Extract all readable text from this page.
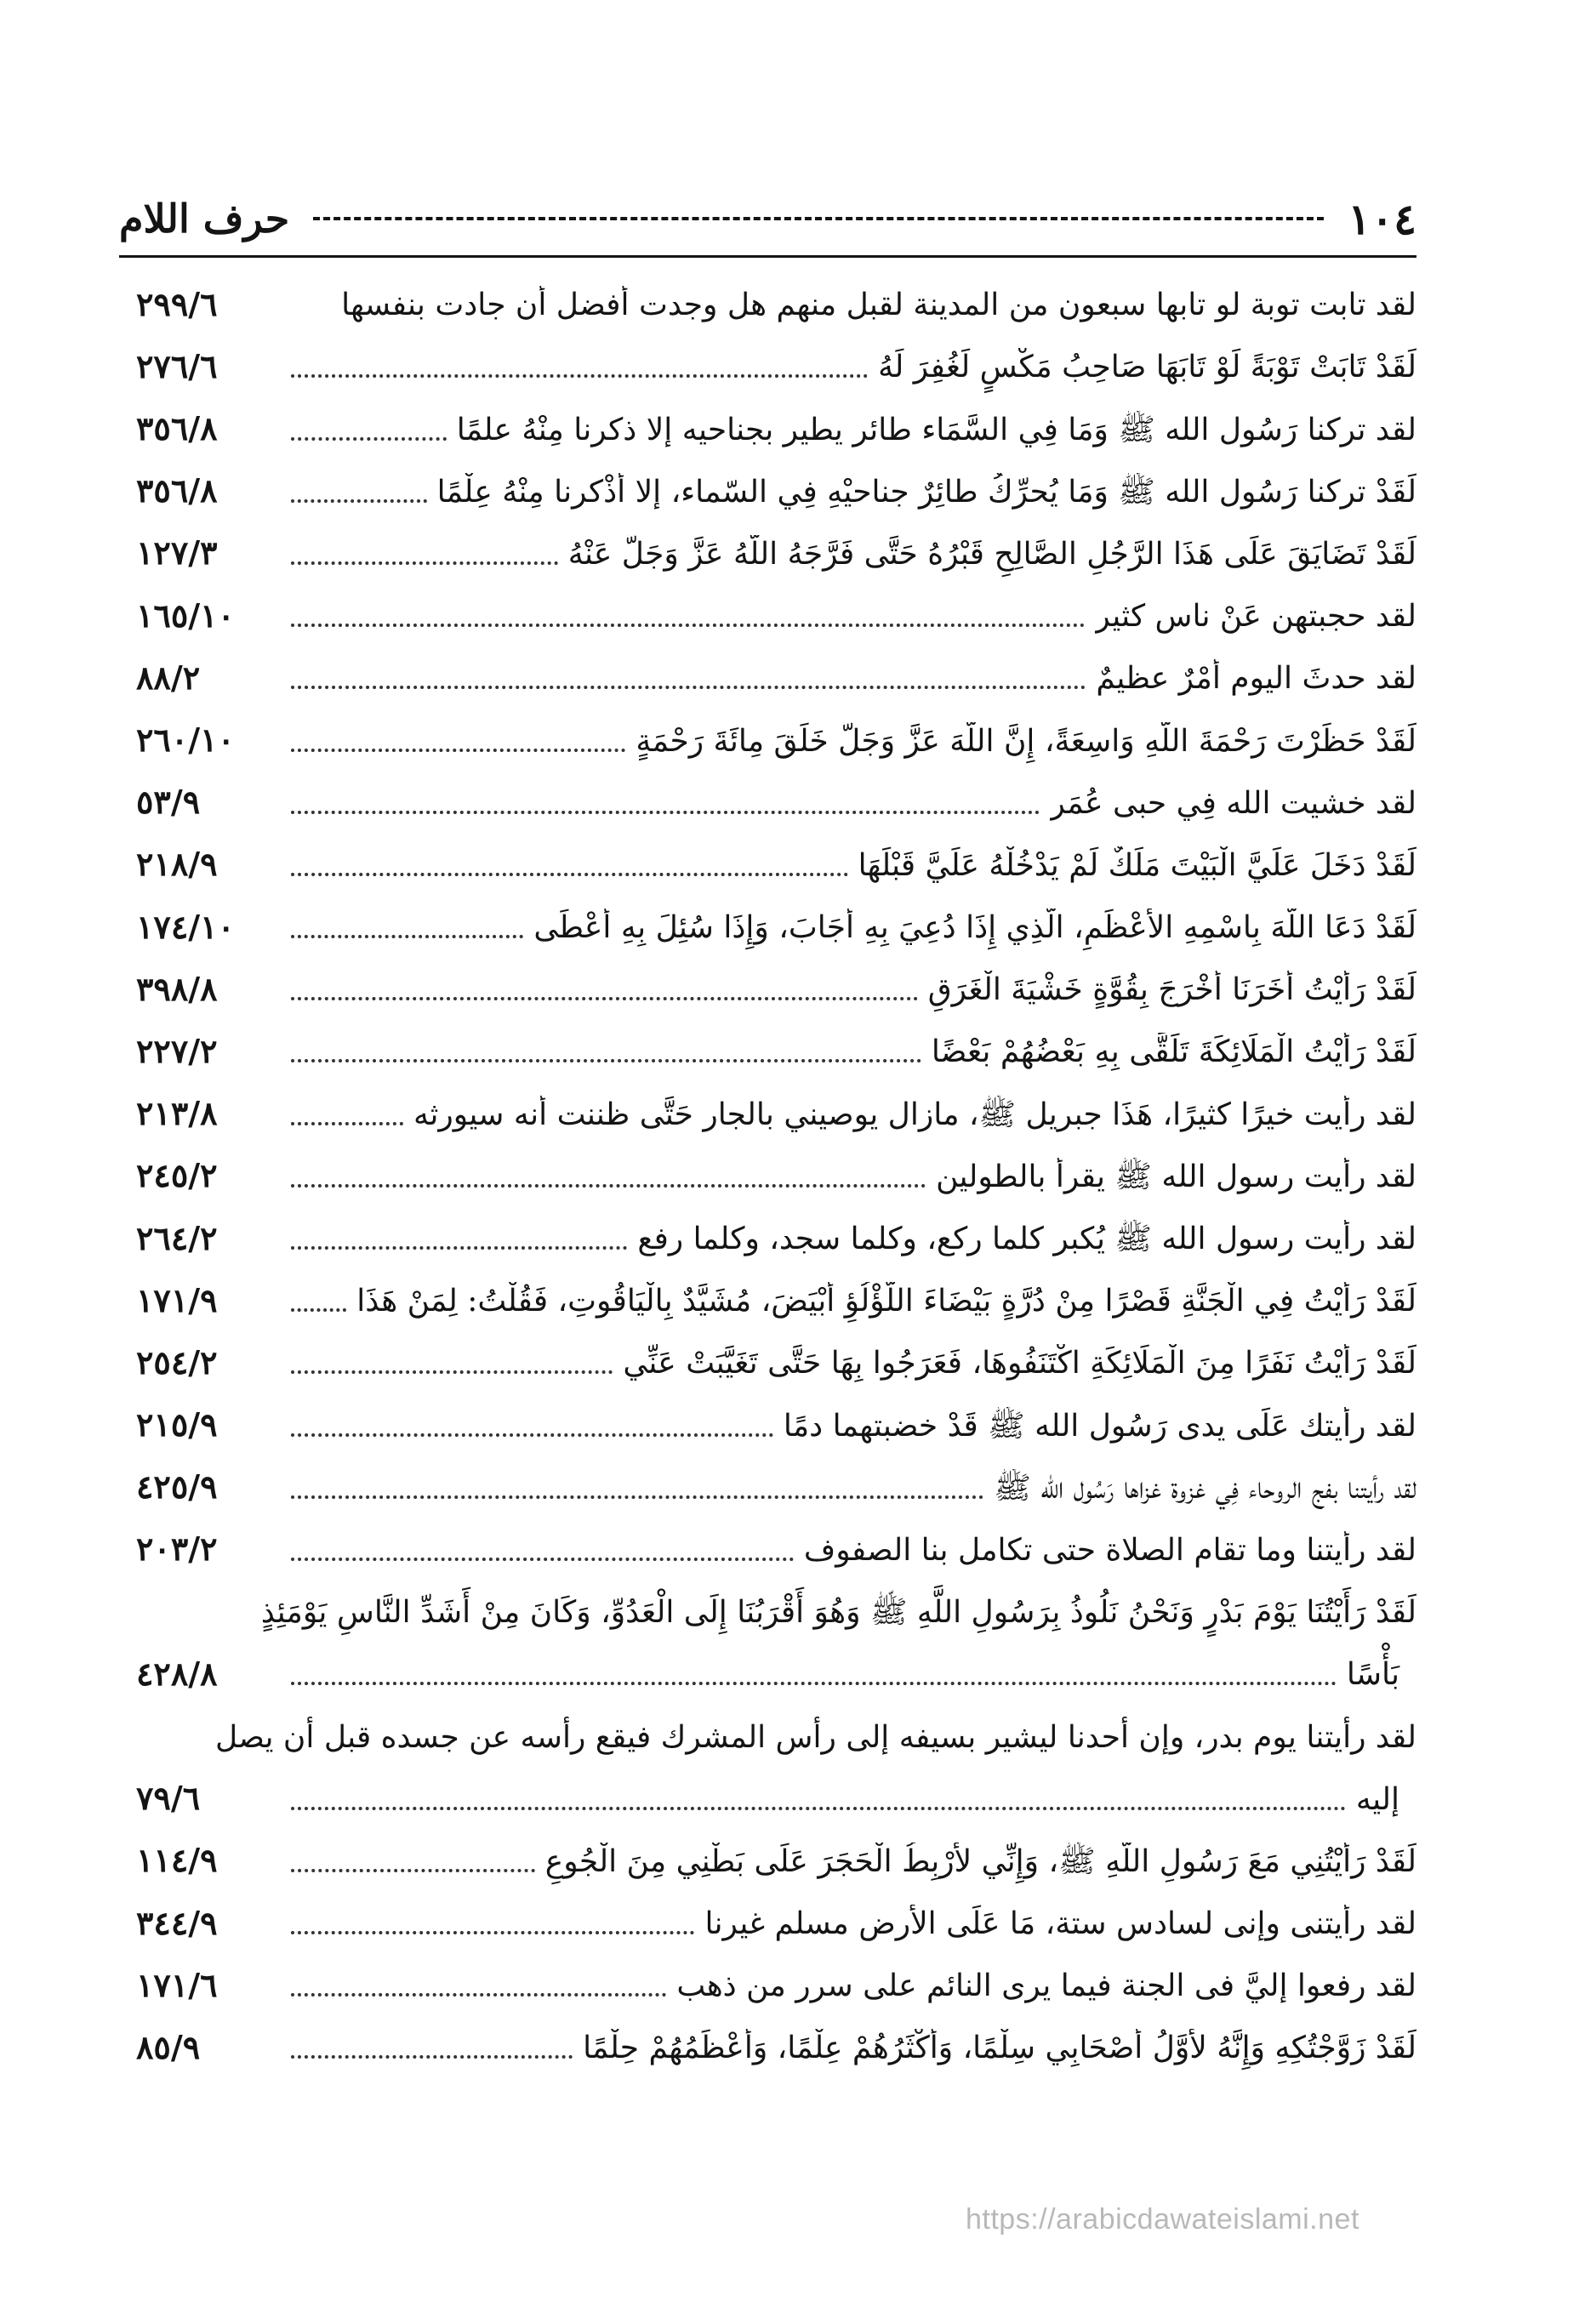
١٠٤
حرف اللام
لقد تابت توبة لو تابها سبعون من المدينة لقبل منهم هل وجدت أفضل أن جادت بنفسها
٢٩٩/٦
لَقَدْ تَابَتْ تَوْبَةً لَوْ تَابَهَا صَاحِبُ مَكْسٍ لَغُفِرَ لَهُ
٢٧٦/٦
لقد تركنا رَسُول الله ﷺ وَمَا فِي السَّمَاء طائر يطير بجناحيه إلا ذكرنا مِنْهُ علمًا
٣٥٦/٨
لَقَدْ تركنا رَسُول الله ﷺ وَمَا يُحرِّكُ طائِرٌ جناحيْهِ فِي السّماء، إلا أَذْكرنا مِنْهُ عِلْمًا
٣٥٦/٨
لَقَدْ تَضَايَقَ عَلَى هَذَا الرَّجُلِ الصَّالِحِ قَبْرُهُ حَتَّى فَرَّجَهُ اللَّهُ عَزَّ وَجَلَّ عَنْهُ
١٢٧/٣
لقد حجبتهن عَنْ ناس كثير
١٦٥/١٠
لقد حدثَ اليوم أمْرٌ عظيمٌ
٨٨/٢
لَقَدْ حَظَرْتَ رَحْمَةَ اللَّهِ وَاسِعَةً، إِنَّ اللَّهَ عَزَّ وَجَلَّ خَلَقَ مِائَةَ رَحْمَةٍ
٢٦٠/١٠
لقد خشيت الله فِي حبى عُمَر
٥٣/٩
لَقَدْ دَخَلَ عَلَيَّ الْبَيْتَ مَلَكٌ لَمْ يَدْخُلْهُ عَلَيَّ قَبْلَهَا
٢١٨/٩
لَقَدْ دَعَا اللَّهَ بِاسْمِهِ الأَعْظَمِ، الَّذِي إِذَا دُعِيَ بِهِ أَجَابَ، وَإِذَا سُئِلَ بِهِ أَعْطَى
١٧٤/١٠
لَقَدْ رَأَيْتُ أَخَرَنَا أَخْرَجَ بِقُوَّةٍ خَشْيَةَ الْغَرَقِ
٣٩٨/٨
لَقَدْ رَأَيْتُ الْمَلَائِكَةَ تَلَقَّى بِهِ بَعْضُهُمْ بَعْضًا
٢٢٧/٢
لقد رأيت خيرًا كثيرًا، هَذَا جبريل ﷺ، مازال يوصيني بالجار حَتَّى ظننت أنه سيورثه
٢١٣/٨
لقد رأيت رسول الله ﷺ يقرأ بالطولين
٢٤٥/٢
لقد رأيت رسول الله ﷺ يُكبر كلما ركع، وكلما سجد، وكلما رفع
٢٦٤/٢
لَقَدْ رَأَيْتُ فِي الْجَنَّةِ قَصْرًا مِنْ دُرَّةٍ بَيْضَاءَ اللُّؤْلُؤِ أَبْيَضَ، مُشَيَّدٌ بِالْيَاقُوتِ، فَقُلْتُ: لِمَنْ هَذَا
١٧١/٩
لَقَدْ رَأَيْتُ نَفَرًا مِنَ الْمَلَائِكَةِ اكْتَنَفُوهَا، فَعَرَجُوا بِهَا حَتَّى تَغَيَّبَتْ عَنِّي
٢٥٤/٢
لقد رأيتك عَلَى يدى رَسُول الله ﷺ قَدْ خضبتهما دمًا
٢١٥/٩
لقد رأيتنا بفج الروحاء فِي غزوة غزاها رَسُول الله ﷺ
٤٢٥/٩
لقد رأيتنا وما تقام الصلاة حتى تكامل بنا الصفوف
٢٠٣/٢
لَقَدْ رَأَيْتُنَا يَوْمَ بَدْرٍ وَنَحْنُ نَلُوذُ بِرَسُولِ اللَّهِ ﷺ وَهُوَ أَقْرَبُنَا إِلَى الْعَدُوِّ، وَكَانَ مِنْ أَشَدِّ النَّاسِ يَوْمَئِذٍ
بَأْسًا
٤٢٨/٨
لقد رأيتنا يوم بدر، وإن أحدنا ليشير بسيفه إلى رأس المشرك فيقع رأسه عن جسده قبل أن يصل
إليه
٧٩/٦
لَقَدْ رَأَيْتُنِي مَعَ رَسُولِ اللَّهِ ﷺ، وَإِنِّي لأَرْبِطُ الْحَجَرَ عَلَى بَطْنِي مِنَ الْجُوعِ
١١٤/٩
لقد رأيتنى وإنى لسادس ستة، مَا عَلَى الأرض مسلم غيرنا
٣٤٤/٩
لقد رفعوا إليَّ فى الجنة فيما يرى النائم على سرر من ذهب
١٧١/٦
لَقَدْ زَوَّجْتُكِهِ وَإِنَّهُ لأَوَّلُ أَصْحَابِي سِلْمًا، وَأَكْثَرُهُمْ عِلْمًا، وَأَعْظَمُهُمْ حِلْمًا
٨٥/٩
https://arabicdawateislami.net
